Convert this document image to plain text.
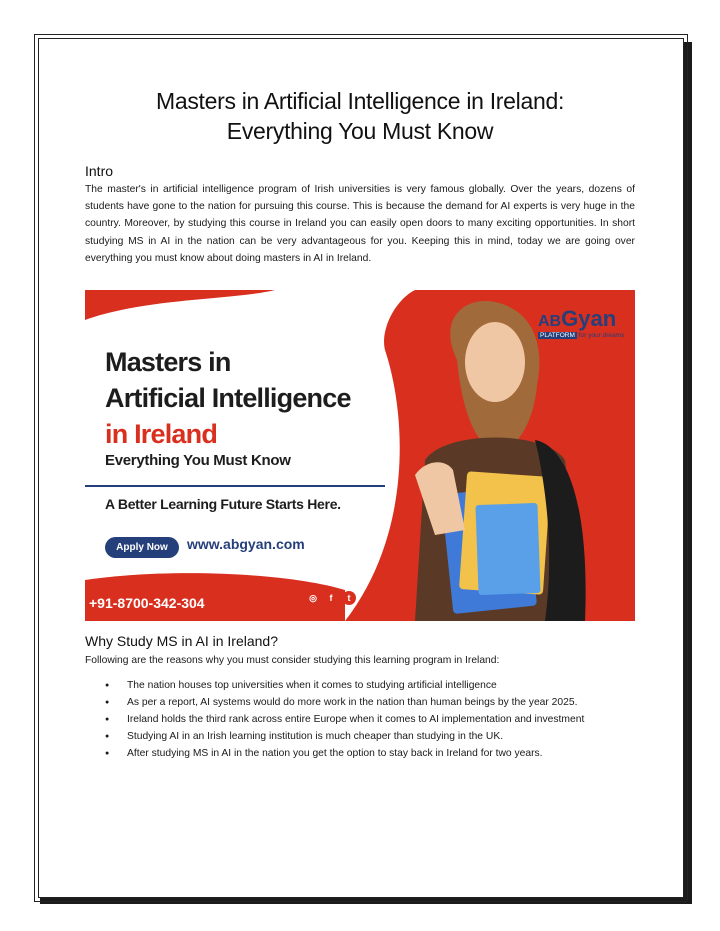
Masters in Artificial Intelligence in Ireland:
Everything You Must Know
Intro
The master's in artificial intelligence program of Irish universities is very famous globally. Over the years, dozens of students have gone to the nation for pursuing this course. This is because the demand for AI experts is very huge in the country. Moreover, by studying this course in Ireland you can easily open doors to many exciting opportunities. In short studying MS in AI in the nation can be very advantageous for you. Keeping this in mind, today we are going over everything you must know about doing masters in AI in Ireland.
ABGyan
PLATFORM for your dreams
Masters in
Artificial Intelligence
in Ireland
Everything You Must Know
A Better Learning Future Starts Here.
Apply Now	www.abgyan.com
+91-8700-342-304	◎	f	t
Why Study MS in AI in Ireland?
Following are the reasons why you must consider studying this learning program in Ireland:
● The nation houses top universities when it comes to studying artificial intelligence
● As per a report, AI systems would do more work in the nation than human beings by the year 2025.
● Ireland holds the third rank across entire Europe when it comes to AI implementation and investment
● Studying AI in an Irish learning institution is much cheaper than studying in the UK.
● After studying MS in AI in the nation you get the option to stay back in Ireland for two years.
